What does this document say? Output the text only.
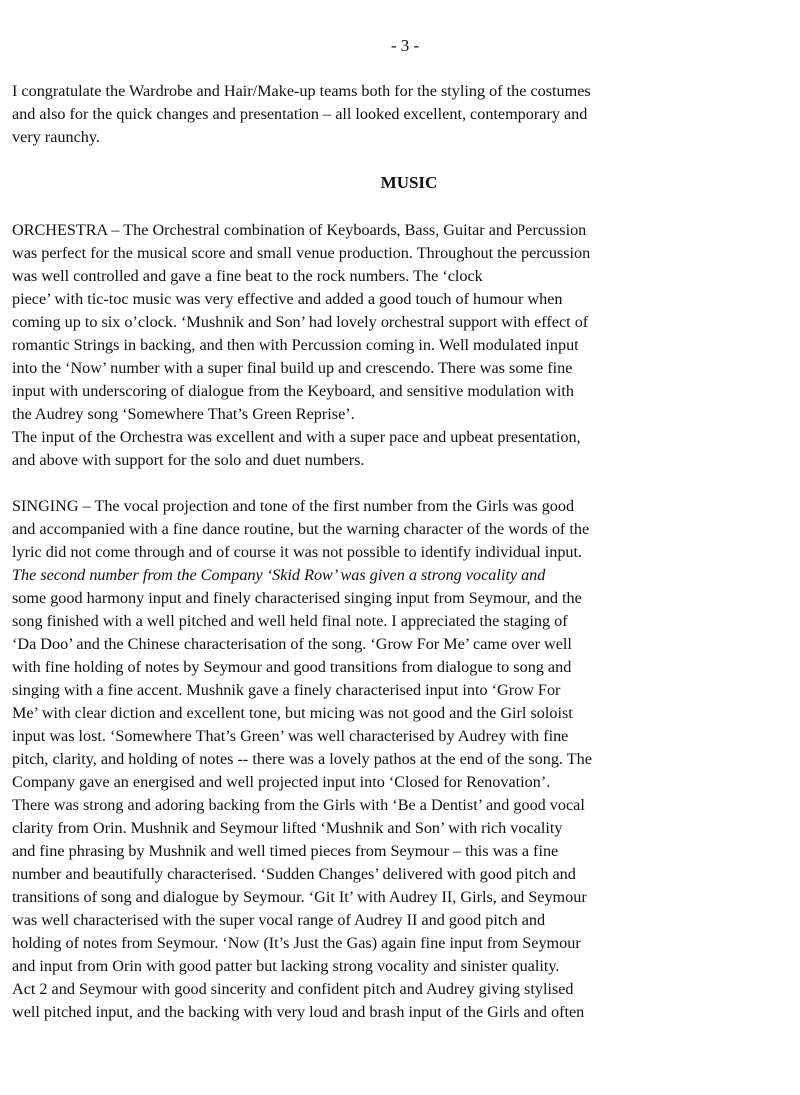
- 3 -
I congratulate the Wardrobe and Hair/Make-up teams both for the styling of the costumes
and also for the quick changes and presentation – all looked excellent, contemporary and
very raunchy.
MUSIC
ORCHESTRA – The Orchestral combination of Keyboards, Bass, Guitar and Percussion
was perfect for the musical score and small venue production. Throughout the percussion
was well controlled and gave a fine beat to the rock numbers. The ‘clock
piece’ with tic-toc music was very effective and added a good touch of humour when
coming up to six o’clock. ‘Mushnik and Son’ had lovely orchestral support with effect of
romantic Strings in backing, and then with Percussion coming in. Well modulated input
into the ‘Now’ number with a super final build up and crescendo. There was some fine
input with underscoring of dialogue from the Keyboard, and sensitive modulation with
the Audrey song ‘Somewhere That’s Green Reprise’.
The input of the Orchestra was excellent and with a super pace and upbeat presentation,
and above with support for the solo and duet numbers.
SINGING – The vocal projection and tone of the first number from the Girls was good
and accompanied with a fine dance routine, but the warning character of the words of the
lyric did not come through and of course it was not possible to identify individual input.
The second number from the Company ‘Skid Row’ was given a strong vocality and
some good harmony input and finely characterised singing input from Seymour, and the
song finished with a well pitched and well held final note. I appreciated the staging of
‘Da Doo’ and the Chinese characterisation of the song. ‘Grow For Me’ came over well
with fine holding of notes by Seymour and good transitions from dialogue to song and
singing with a fine accent. Mushnik gave a finely characterised input into ‘Grow For
Me’ with clear diction and excellent tone, but micing was not good and the Girl soloist
input was lost. ‘Somewhere That’s Green’ was well characterised by Audrey with fine
pitch, clarity, and holding of notes -- there was a lovely pathos at the end of the song. The
Company gave an energised and well projected input into ‘Closed for Renovation’.
There was strong and adoring backing from the Girls with ‘Be a Dentist’ and good vocal
clarity from Orin. Mushnik and Seymour lifted ‘Mushnik and Son’ with rich vocality
and fine phrasing by Mushnik and well timed pieces from Seymour – this was a fine
number and beautifully characterised. ‘Sudden Changes’ delivered with good pitch and
transitions of song and dialogue by Seymour. ‘Git It’ with Audrey II, Girls, and Seymour
was well characterised with the super vocal range of Audrey II and good pitch and
holding of notes from Seymour. ‘Now (It’s Just the Gas) again fine input from Seymour
and input from Orin with good patter but lacking strong vocality and sinister quality.
Act 2 and Seymour with good sincerity and confident pitch and Audrey giving stylised
well pitched input, and the backing with very loud and brash input of the Girls and often
